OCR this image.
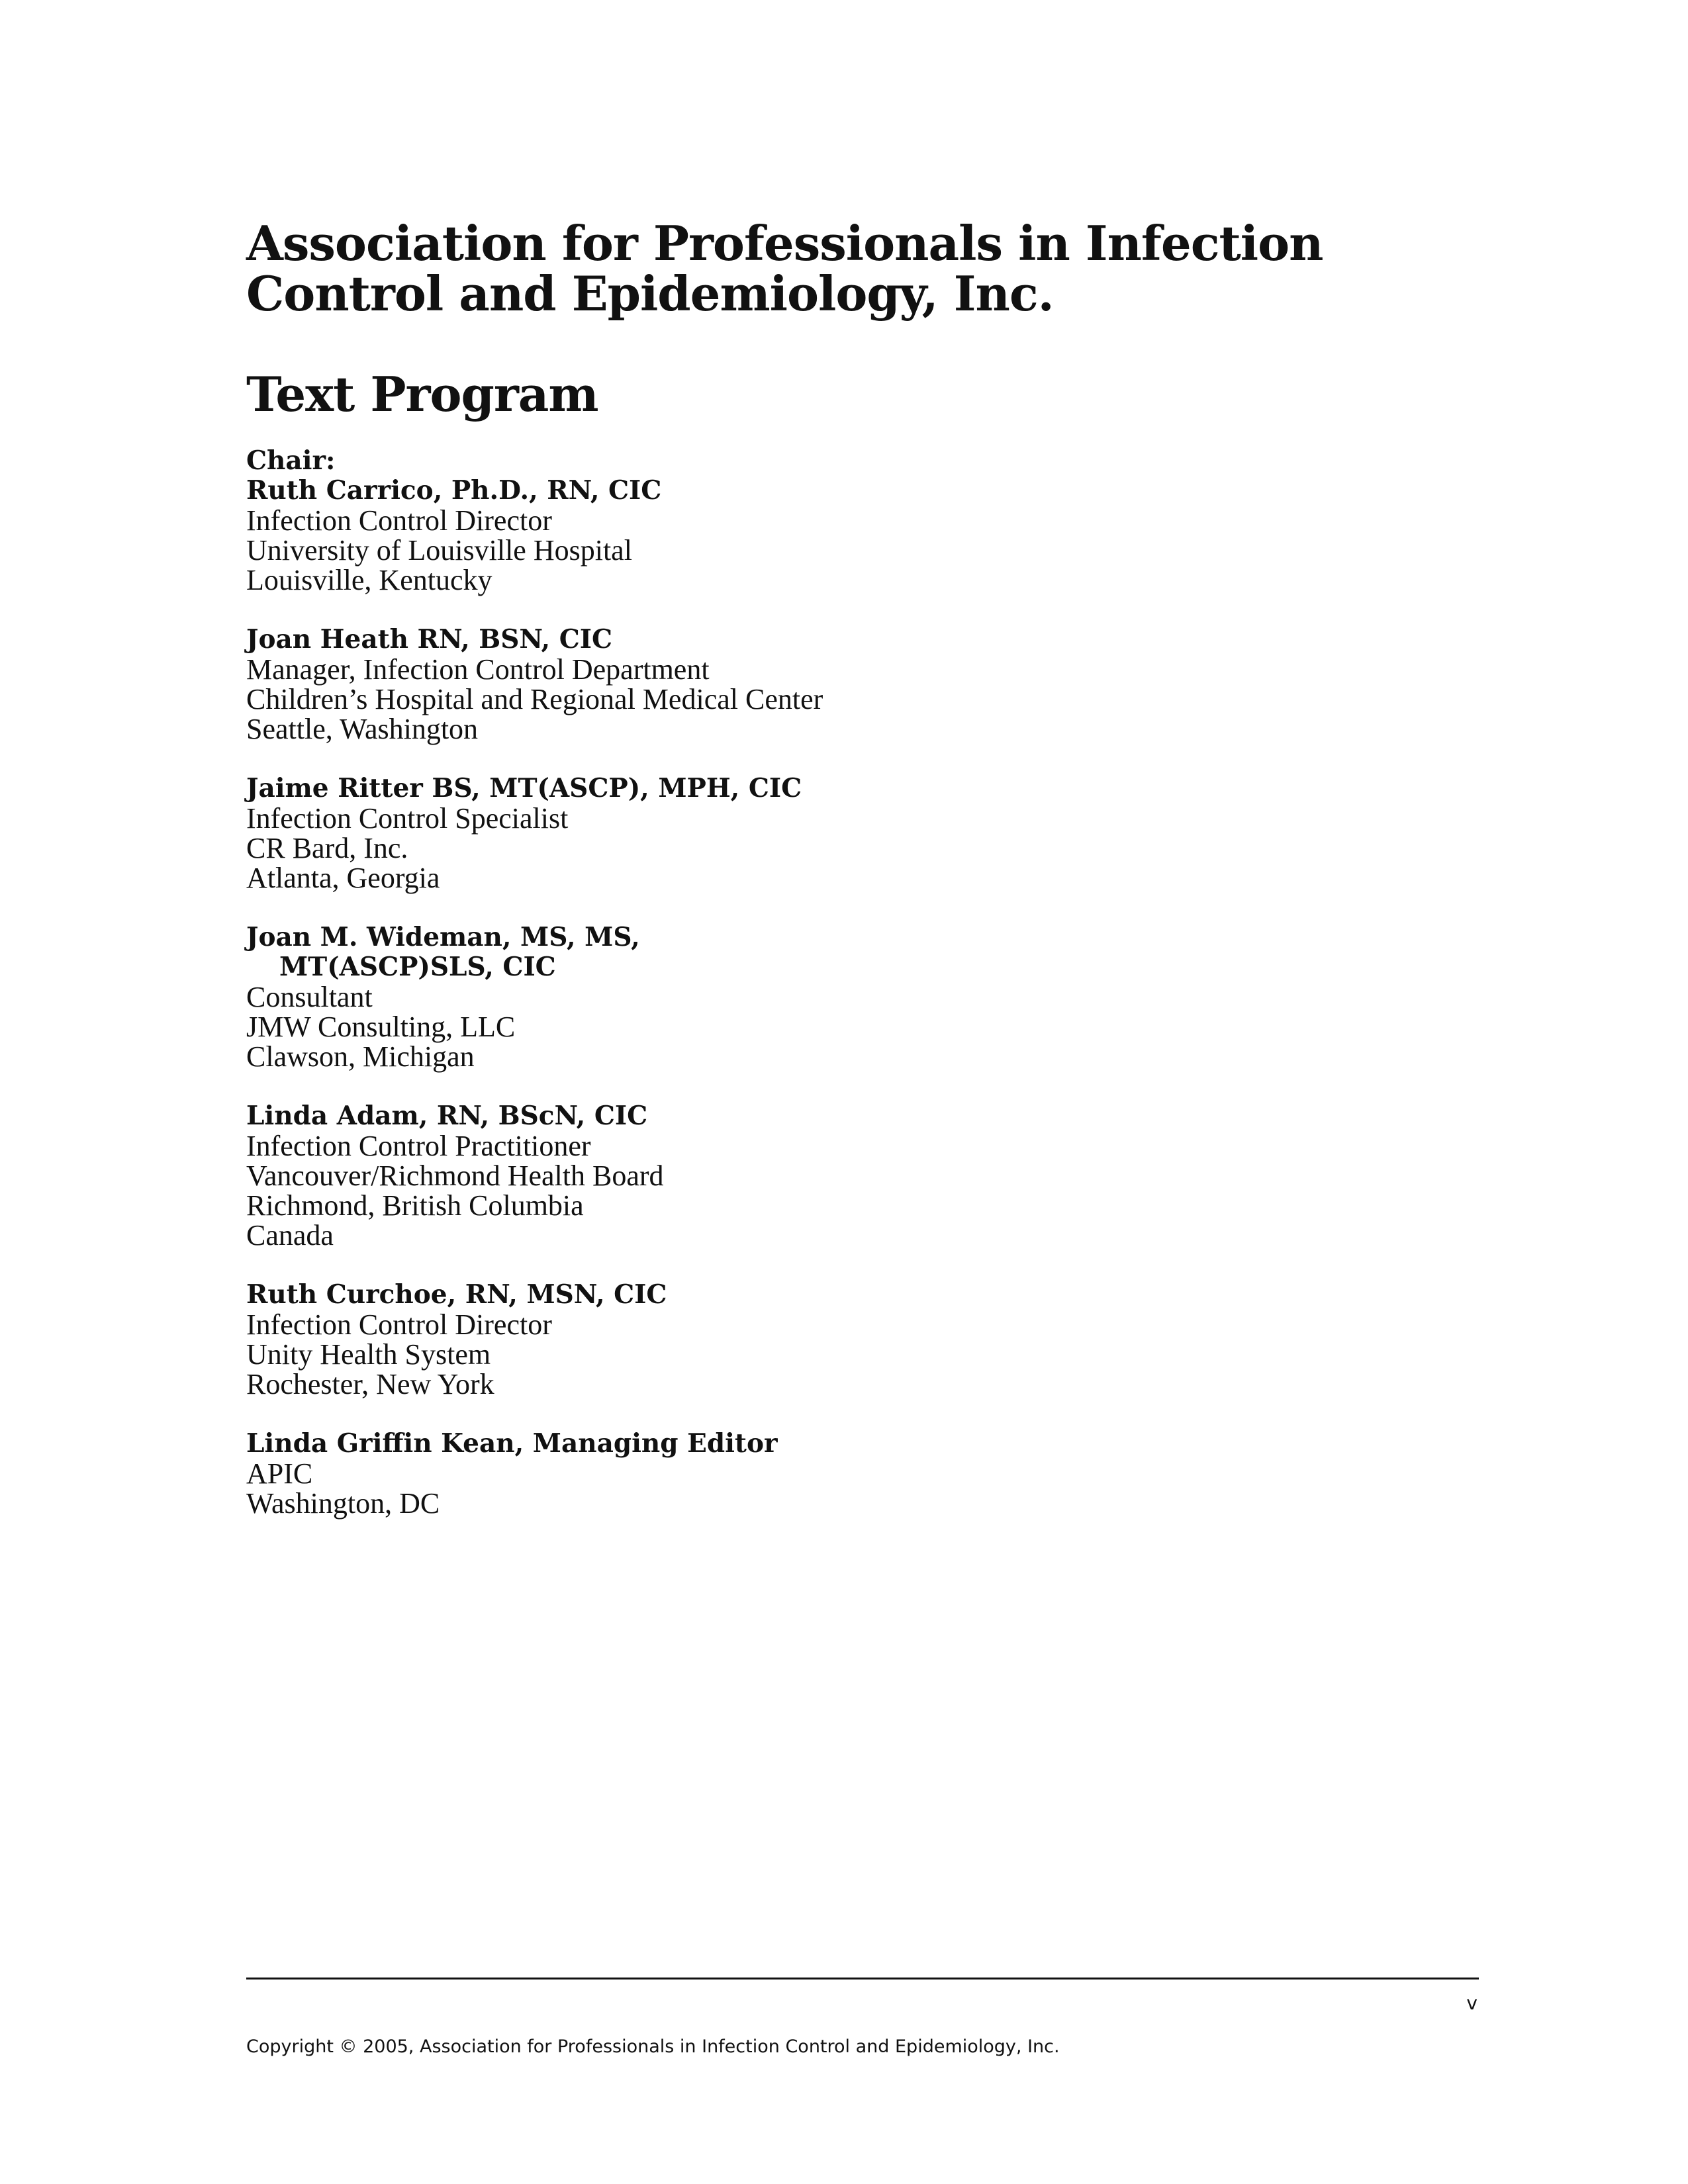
Association for Professionals in Infection
Control and Epidemiology, Inc.
Text Program
Chair:
Ruth Carrico, Ph.D., RN, CIC
Infection Control Director
University of Louisville Hospital
Louisville, Kentucky
Joan Heath RN, BSN, CIC
Manager, Infection Control Department
Children’s Hospital and Regional Medical Center
Seattle, Washington
Jaime Ritter BS, MT(ASCP), MPH, CIC
Infection Control Specialist
CR Bard, Inc.
Atlanta, Georgia
Joan M. Wideman, MS, MS,
MT(ASCP)SLS, CIC
Consultant
JMW Consulting, LLC
Clawson, Michigan
Linda Adam, RN, BScN, CIC
Infection Control Practitioner
Vancouver/Richmond Health Board
Richmond, British Columbia
Canada
Ruth Curchoe, RN, MSN, CIC
Infection Control Director
Unity Health System
Rochester, New York
Linda Griffin Kean, Managing Editor
APIC
Washington, DC
v
Copyright © 2005, Association for Professionals in Infection Control and Epidemiology, Inc.
